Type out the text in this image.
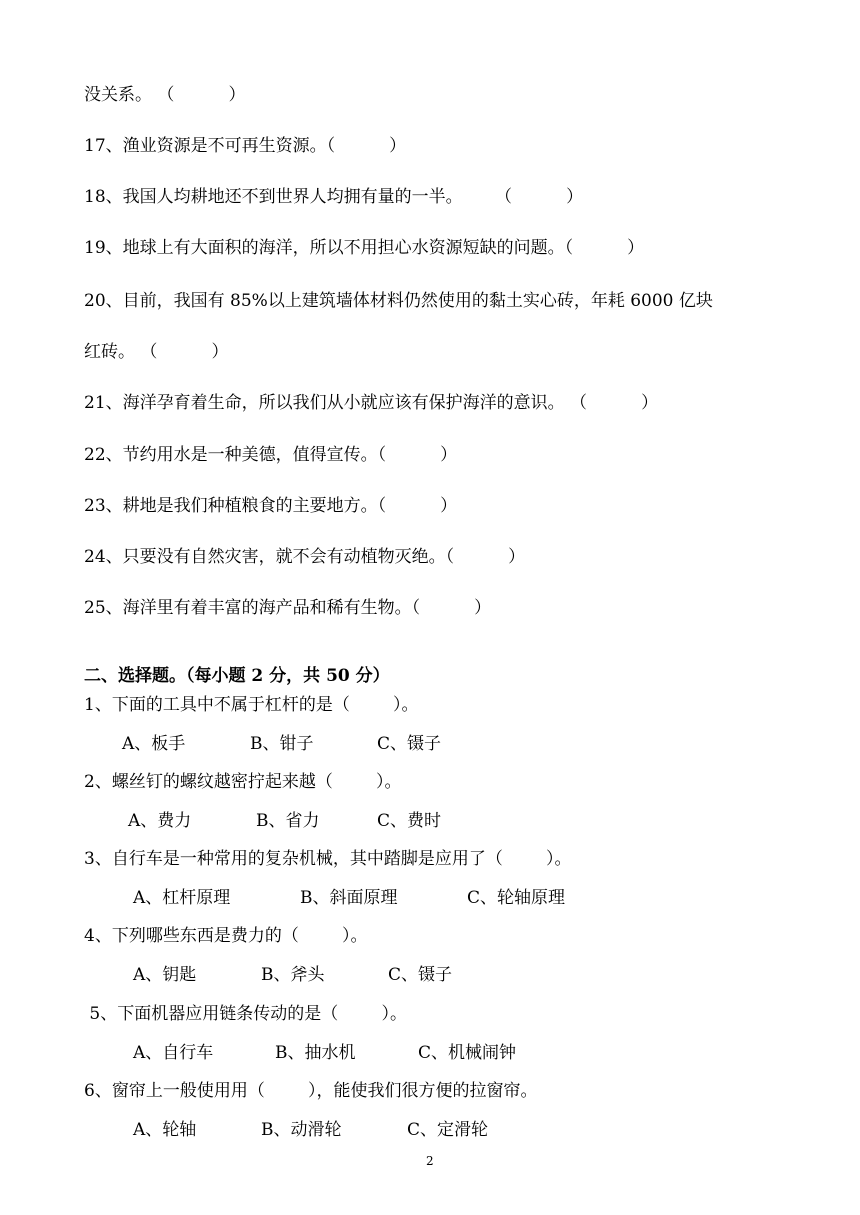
没关系。 （          ）
17、渔业资源是不可再生资源。（          ）
18、我国人均耕地还不到世界人均拥有量的一半。      （          ）
19、地球上有大面积的海洋，所以不用担心水资源短缺的问题。（          ）
20、目前，我国有 85%以上建筑墙体材料仍然使用的黏土实心砖，年耗 6000 亿块
红砖。 （          ）
21、海洋孕育着生命，所以我们从小就应该有保护海洋的意识。 （          ）
22、节约用水是一种美德，值得宣传。（          ）
23、耕地是我们种植粮食的主要地方。（          ）
24、只要没有自然灾害，就不会有动植物灭绝。（          ）
25、海洋里有着丰富的海产品和稀有生物。（          ）
二、选择题。（每小题 2 分，共 50 分）
1、下面的工具中不属于杠杆的是（        ）。
A、板手	B、钳子	C、镊子
2、螺丝钉的螺纹越密拧起来越（        ）。
A、费力	B、省力	C、费时
3、自行车是一种常用的复杂机械，其中踏脚是应用了（        ）。
A、杠杆原理	B、斜面原理	C、轮轴原理
4、下列哪些东西是费力的（        ）。
A、钥匙	B、斧头	C、镊子
5、下面机器应用链条传动的是（        ）。
A、自行车	B、抽水机	C、机械闹钟
6、窗帘上一般使用用（        ），能使我们很方便的拉窗帘。
A、轮轴	B、动滑轮	C、定滑轮
2
